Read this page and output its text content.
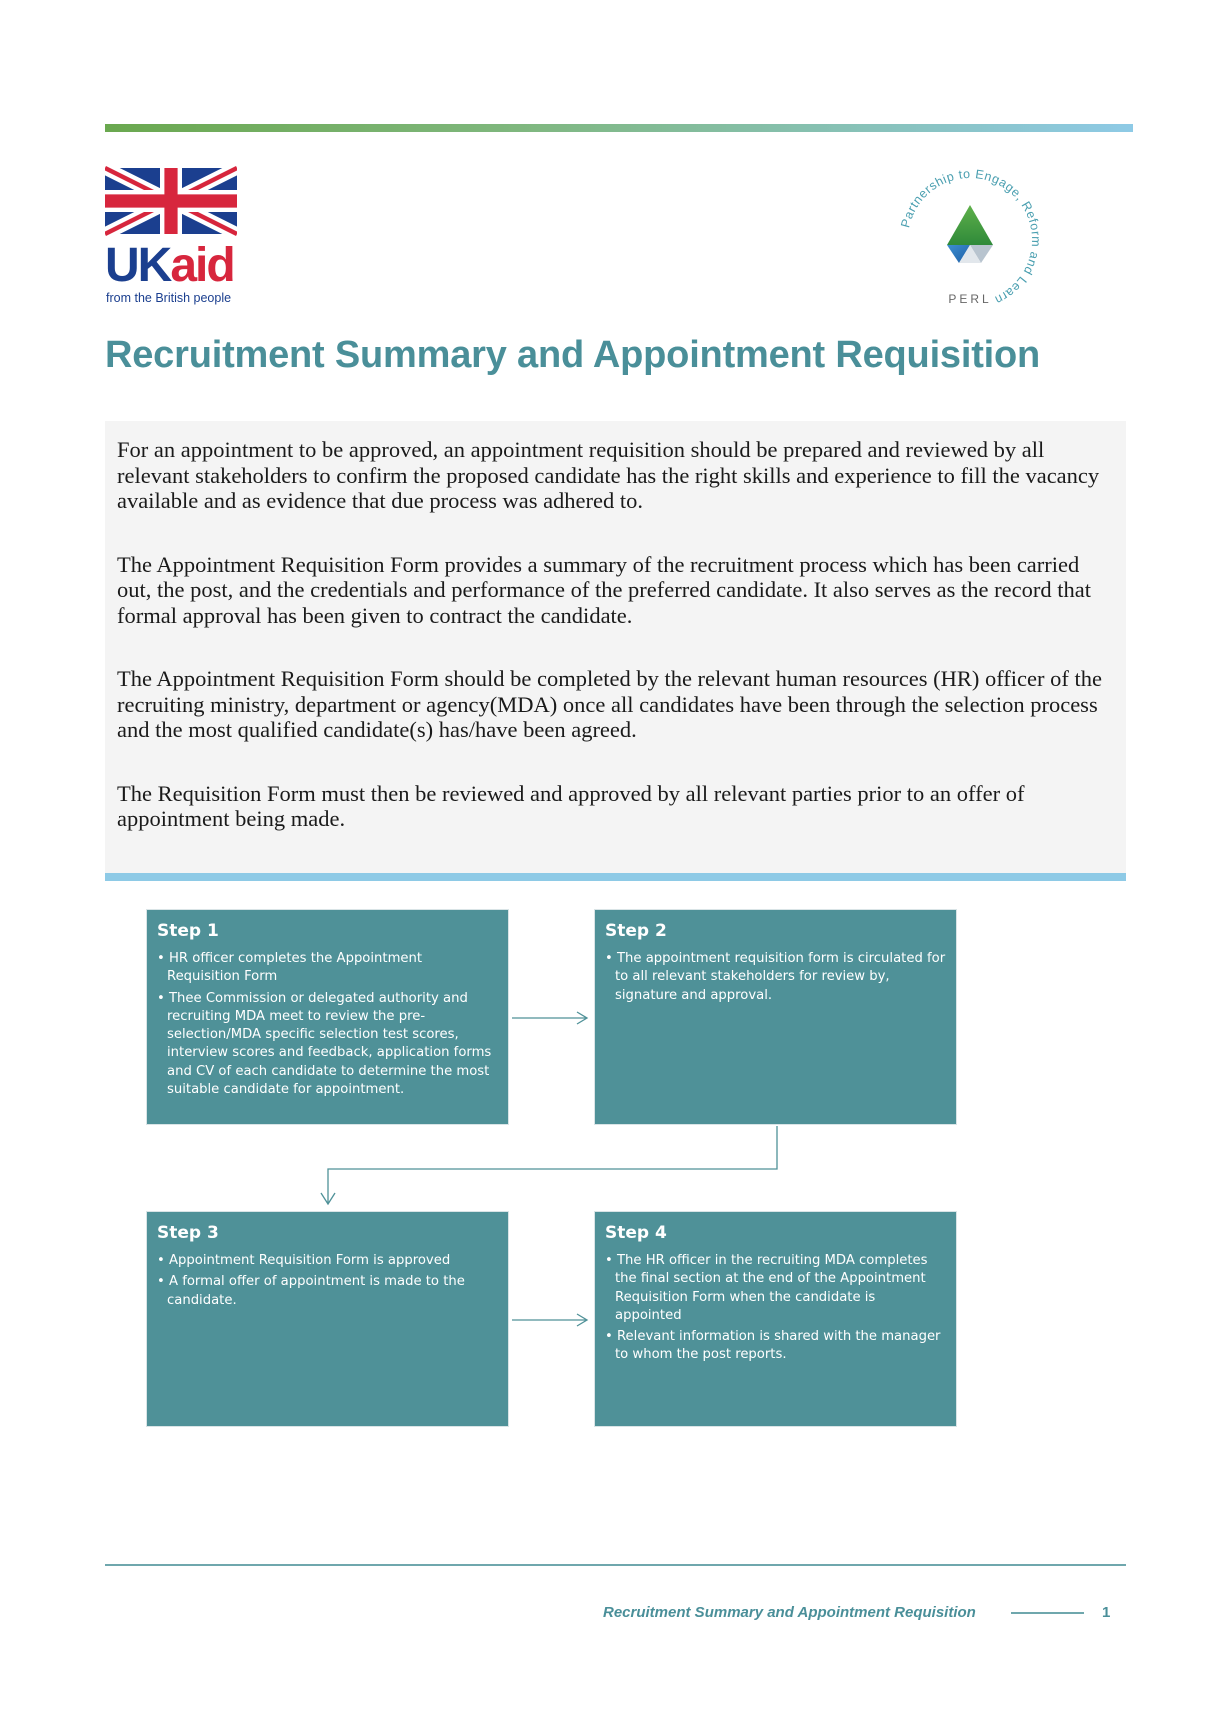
UKaid
from the British people
Partnership to Engage, Reform and Learn
PERL
Recruitment Summary and Appointment Requisition

For an appointment to be approved, an appointment requisition should be prepared and reviewed by all relevant stakeholders to confirm the proposed candidate has the right skills and experience to fill the vacancy available and as evidence that due process was adhered to.

The Appointment Requisition Form provides a summary of the recruitment process which has been carried out, the post, and the credentials and performance of the preferred candidate. It also serves as the record that formal approval has been given to contract the candidate.

The Appointment Requisition Form should be completed by the relevant human resources (HR) officer of the recruiting ministry, department or agency(MDA) once all candidates have been through the selection process and the most qualified candidate(s) has/have been agreed.

The Requisition Form must then be reviewed and approved by all relevant parties prior to an offer of appointment being made.

Step 1
• HR officer completes the Appointment Requisition Form
• Thee Commission or delegated authority and recruiting MDA meet to review the pre-selection/MDA specific selection test scores, interview scores and feedback, application forms and CV of each candidate to determine the most suitable candidate for appointment.
Step 2
• The appointment requisition form is circulated for to all relevant stakeholders for review by, signature and approval.
Step 3
• Appointment Requisition Form is approved
• A formal offer of appointment is made to the candidate.
Step 4
• The HR officer in the recruiting MDA completes the final section at the end of the Appointment Requisition Form when the candidate is appointed
• Relevant information is shared with the manager to whom the post reports.
Recruitment Summary and Appointment Requisition	1
